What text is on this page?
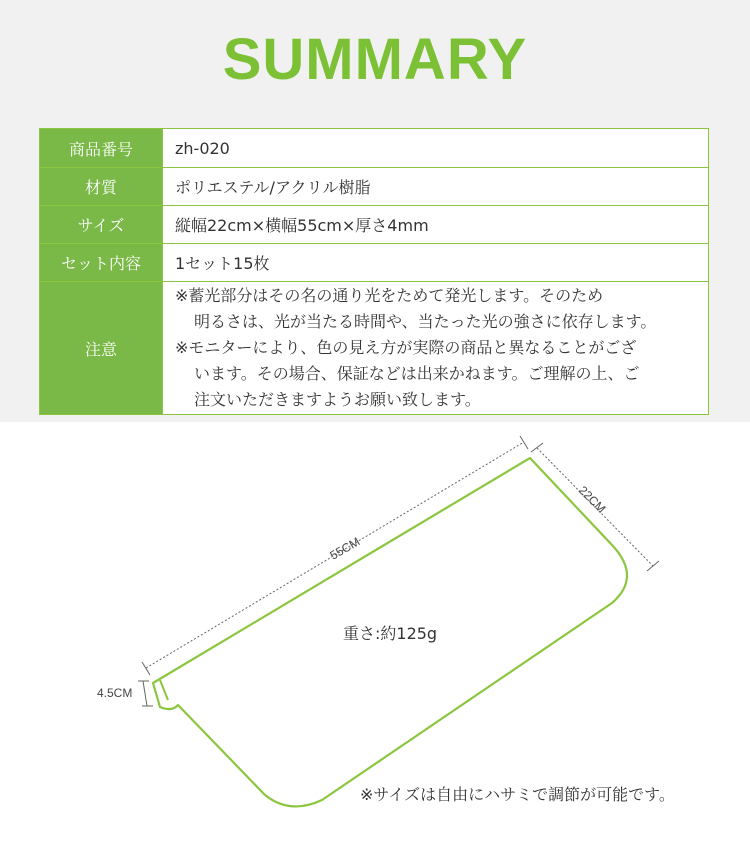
SUMMARY
商品番号	zh-020
材質	ポリエステル/アクリル樹脂
サイズ	縦幅22cm×横幅55cm×厚さ4mm
セット内容	1セット15枚
注意	※蓄光部分はその名の通り光をためて発光します。そのため
明るさは、光が当たる時間や、当たった光の強さに依存します。
※モニターにより、色の見え方が実際の商品と異なることがござ
います。その場合、保証などは出来かねます。ご理解の上、ご
注文いただきますようお願い致します。
55CM
22CM
4.5CM
重さ:約125g
※サイズは自由にハサミで調節が可能です。
